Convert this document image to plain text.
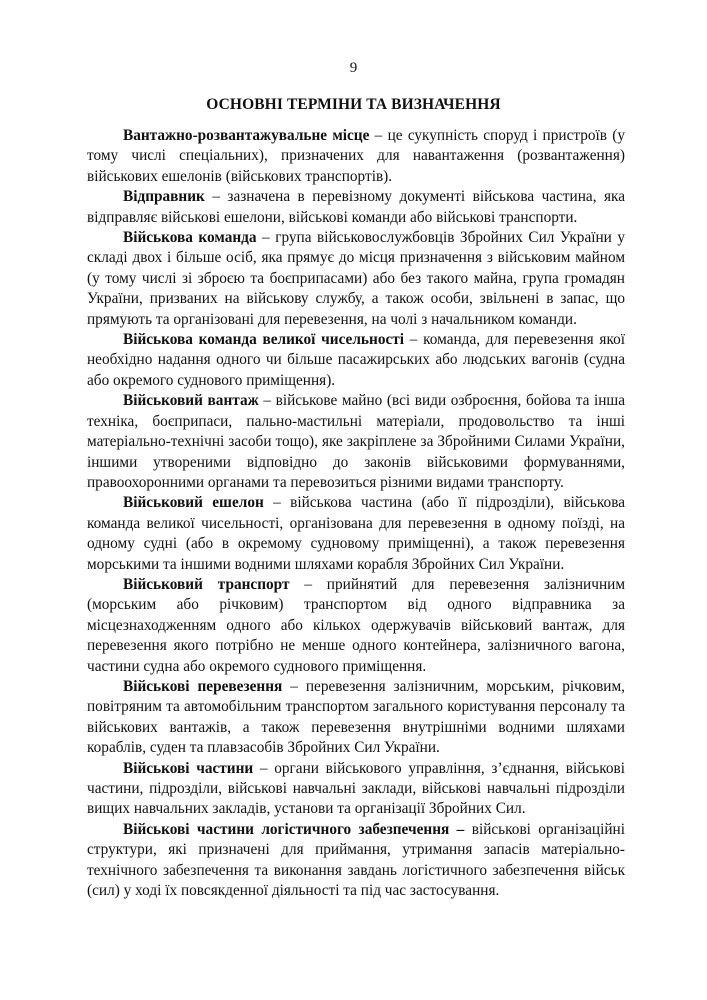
9
ОСНОВНІ ТЕРМІНИ ТА ВИЗНАЧЕННЯ

Вантажно-розвантажувальне місце – це сукупність споруд і пристроїв (у тому числі спеціальних), призначених для навантаження (розвантаження) військових ешелонів (військових транспортів).

Відправник – зазначена в перевізному документі військова частина, яка відправляє військові ешелони, військові команди або військові транспорти.

Військова команда – група військовослужбовців Збройних Сил України у складі двох і більше осіб, яка прямує до місця призначення з військовим майном (у тому числі зі зброєю та боєприпасами) або без такого майна, група громадян України, призваних на військову службу, а також особи, звільнені в запас, що прямують та організовані для перевезення, на чолі з начальником команди.

Військова команда великої чисельності – команда, для перевезення якої необхідно надання одного чи більше пасажирських або людських вагонів (судна або окремого суднового приміщення).

Військовий вантаж – військове майно (всі види озброєння, бойова та інша техніка, боєприпаси, пально-мастильні матеріали, продовольство та інші матеріально-технічні засоби тощо), яке закріплене за Збройними Силами України, іншими утвореними відповідно до законів військовими формуваннями, правоохоронними органами та перевозиться різними видами транспорту.

Військовий ешелон – військова частина (або її підрозділи), військова команда великої чисельності, організована для перевезення в одному поїзді, на одному судні (або в окремому судновому приміщенні), а також перевезення морськими та іншими водними шляхами корабля Збройних Сил України.

Військовий транспорт – прийнятий для перевезення залізничним (морським або річковим) транспортом від одного відправника за місцезнаходженням одного або кількох одержувачів військовий вантаж, для перевезення якого потрібно не менше одного контейнера, залізничного вагона, частини судна або окремого суднового приміщення.

Військові перевезення – перевезення залізничним, морським, річковим, повітряним та автомобільним транспортом загального користування персоналу та військових вантажів, а також перевезення внутрішніми водними шляхами кораблів, суден та плавзасобів Збройних Сил України.

Військові частини – органи військового управління, з’єднання, військові частини, підрозділи, військові навчальні заклади, військові навчальні підрозділи вищих навчальних закладів, установи та організації Збройних Сил.

Військові частини логістичного забезпечення – військові організаційні структури, які призначені для приймання, утримання запасів матеріально-технічного забезпечення та виконання завдань логістичного забезпечення військ (сил) у ході їх повсякденної діяльності та під час застосування.
